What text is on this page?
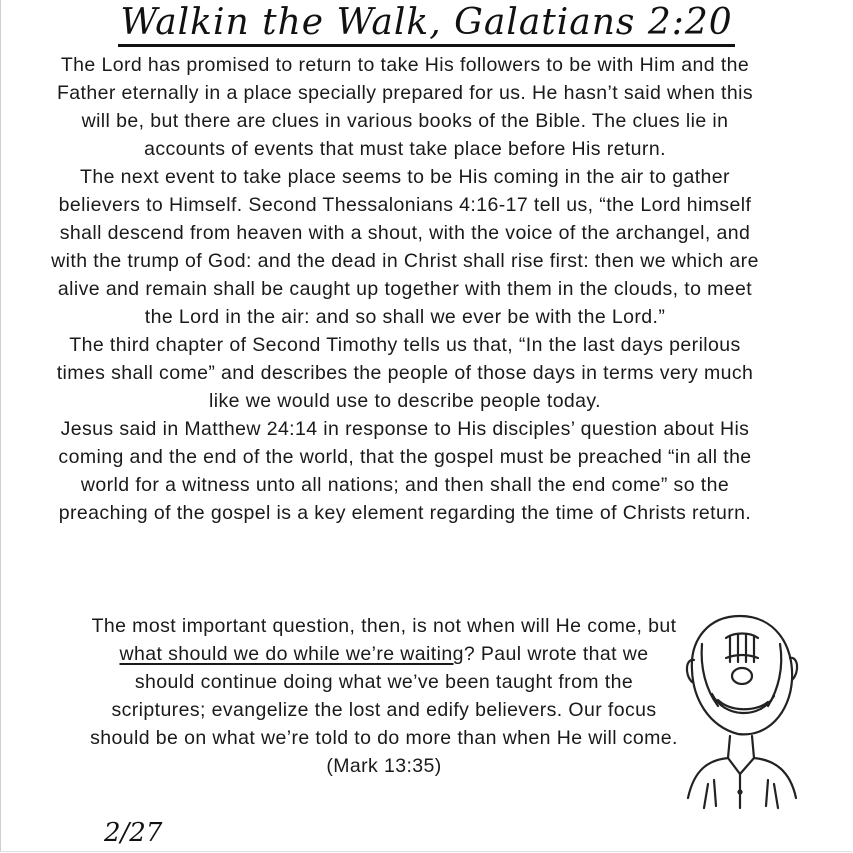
Walkin the Walk, Galatians 2:20

The Lord has promised to return to take His followers to be with Him and the Father eternally in a place specially prepared for us. He hasn’t said when this will be, but there are clues in various books of the Bible. The clues lie in accounts of events that must take place before His return.

The next event to take place seems to be His coming in the air to gather believers to Himself. Second Thessalonians 4:16-17 tell us, “the Lord himself shall descend from heaven with a shout, with the voice of the archangel, and with the trump of God: and the dead in Christ shall rise first: then we which are alive and remain shall be caught up together with them in the clouds, to meet the Lord in the air: and so shall we ever be with the Lord.”

The third chapter of Second Timothy tells us that, “In the last days perilous times shall come” and describes the people of those days in terms very much like we would use to describe people today.

Jesus said in Matthew 24:14 in response to His disciples’ question about His coming and the end of the world, that the gospel must be preached “in all the world for a witness unto all nations; and then shall the end come” so the preaching of the gospel is a key element regarding the time of Christs return.

The most important question, then, is not when will He come, but what should we do while we’re waiting? Paul wrote that we should continue doing what we’ve been taught from the scriptures; evangelize the lost and edify believers. Our focus should be on what we’re told to do more than when He will come. (Mark 13:35)

2/27
